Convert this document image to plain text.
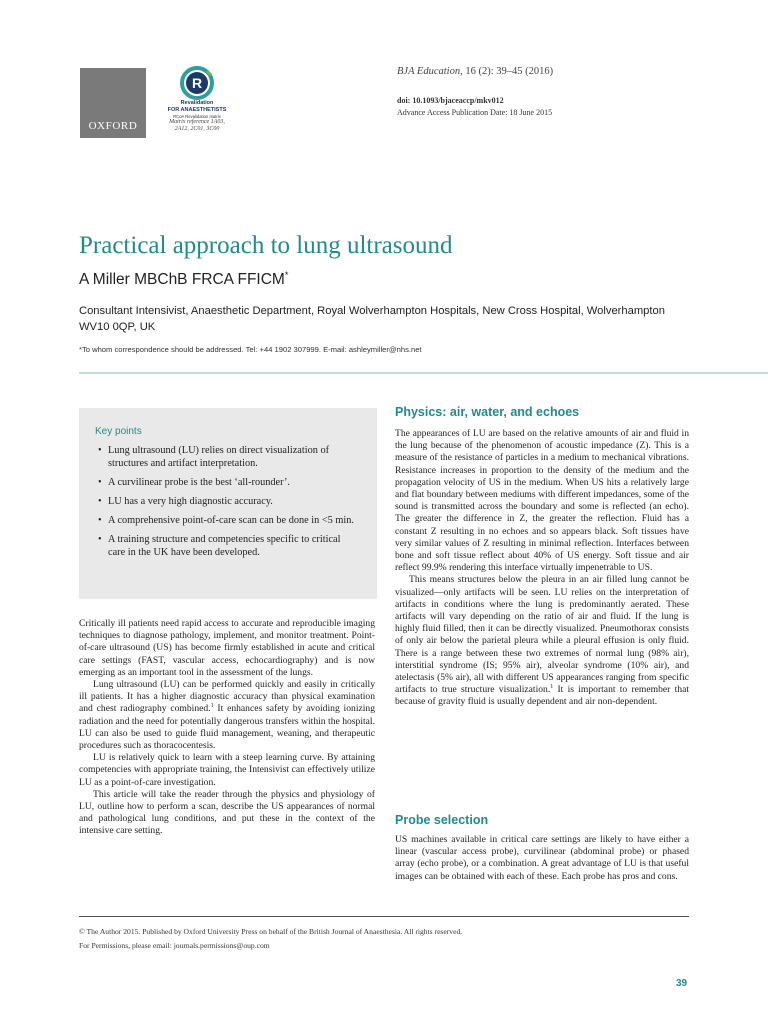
OXFORD
R
Revalidation
FOR ANAESTHETISTS
RCoA Revalidation matrix
Matrix reference 1A03,
2A12, 2C01, 3C00
BJA Education, 16 (2): 39–45 (2016)
doi: 10.1093/bjaceaccp/mkv012
Advance Access Publication Date: 18 June 2015
Practical approach to lung ultrasound
A Miller MBChB FRCA FFICM*
Consultant Intensivist, Anaesthetic Department, Royal Wolverhampton Hospitals, New Cross Hospital, Wolverhampton WV10 0QP, UK
*To whom correspondence should be addressed. Tel: +44 1902 307999. E-mail: ashleymiller@nhs.net
Key points
• Lung ultrasound (LU) relies on direct visualization of structures and artifact interpretation.
• A curvilinear probe is the best ‘all-rounder’.
• LU has a very high diagnostic accuracy.
• A comprehensive point-of-care scan can be done in <5 min.
• A training structure and competencies specific to critical care in the UK have been developed.

Critically ill patients need rapid access to accurate and reproducible imaging techniques to diagnose pathology, implement, and monitor treatment. Point-of-care ultrasound (US) has become firmly established in acute and critical care settings (FAST, vascular access, echocardiography) and is now emerging as an important tool in the assessment of the lungs.

Lung ultrasound (LU) can be performed quickly and easily in critically ill patients. It has a higher diagnostic accuracy than physical examination and chest radiography combined.$^1$ It enhances safety by avoiding ionizing radiation and the need for potentially dangerous transfers within the hospital. LU can also be used to guide fluid management, weaning, and therapeutic procedures such as thoracocentesis.

LU is relatively quick to learn with a steep learning curve. By attaining competencies with appropriate training, the Intensivist can effectively utilize LU as a point-of-care investigation.

This article will take the reader through the physics and physiology of LU, outline how to perform a scan, describe the US appearances of normal and pathological lung conditions, and put these in the context of the intensive care setting.

Physics: air, water, and echoes

The appearances of LU are based on the relative amounts of air and fluid in the lung because of the phenomenon of acoustic impedance (Z). This is a measure of the resistance of particles in a medium to mechanical vibrations. Resistance increases in proportion to the density of the medium and the propagation velocity of US in the medium. When US hits a relatively large and flat boundary between mediums with different impedances, some of the sound is transmitted across the boundary and some is reflected (an echo). The greater the difference in Z, the greater the reflection. Fluid has a constant Z resulting in no echoes and so appears black. Soft tissues have very similar values of Z resulting in minimal reflection. Interfaces between bone and soft tissue reflect about 40% of US energy. Soft tissue and air reflect 99.9% rendering this interface virtually impenetrable to US.

This means structures below the pleura in an air filled lung cannot be visualized—only artifacts will be seen. LU relies on the interpretation of artifacts in conditions where the lung is predominantly aerated. These artifacts will vary depending on the ratio of air and fluid. If the lung is highly fluid filled, then it can be directly visualized. Pneumothorax consists of only air below the parietal pleura while a pleural effusion is only fluid. There is a range between these two extremes of normal lung (98% air), interstitial syndrome (IS; 95% air), alveolar syndrome (10% air), and atelectasis (5% air), all with different US appearances ranging from specific artifacts to true structure visualization.$^1$ It is important to remember that because of gravity fluid is usually dependent and air non-dependent.

Probe selection

US machines available in critical care settings are likely to have either a linear (vascular access probe), curvilinear (abdominal probe) or phased array (echo probe), or a combination. A great advantage of LU is that useful images can be obtained with each of these. Each probe has pros and cons.

© The Author 2015. Published by Oxford University Press on behalf of the British Journal of Anaesthesia. All rights reserved.
For Permissions, please email: journals.permissions@oup.com
39
